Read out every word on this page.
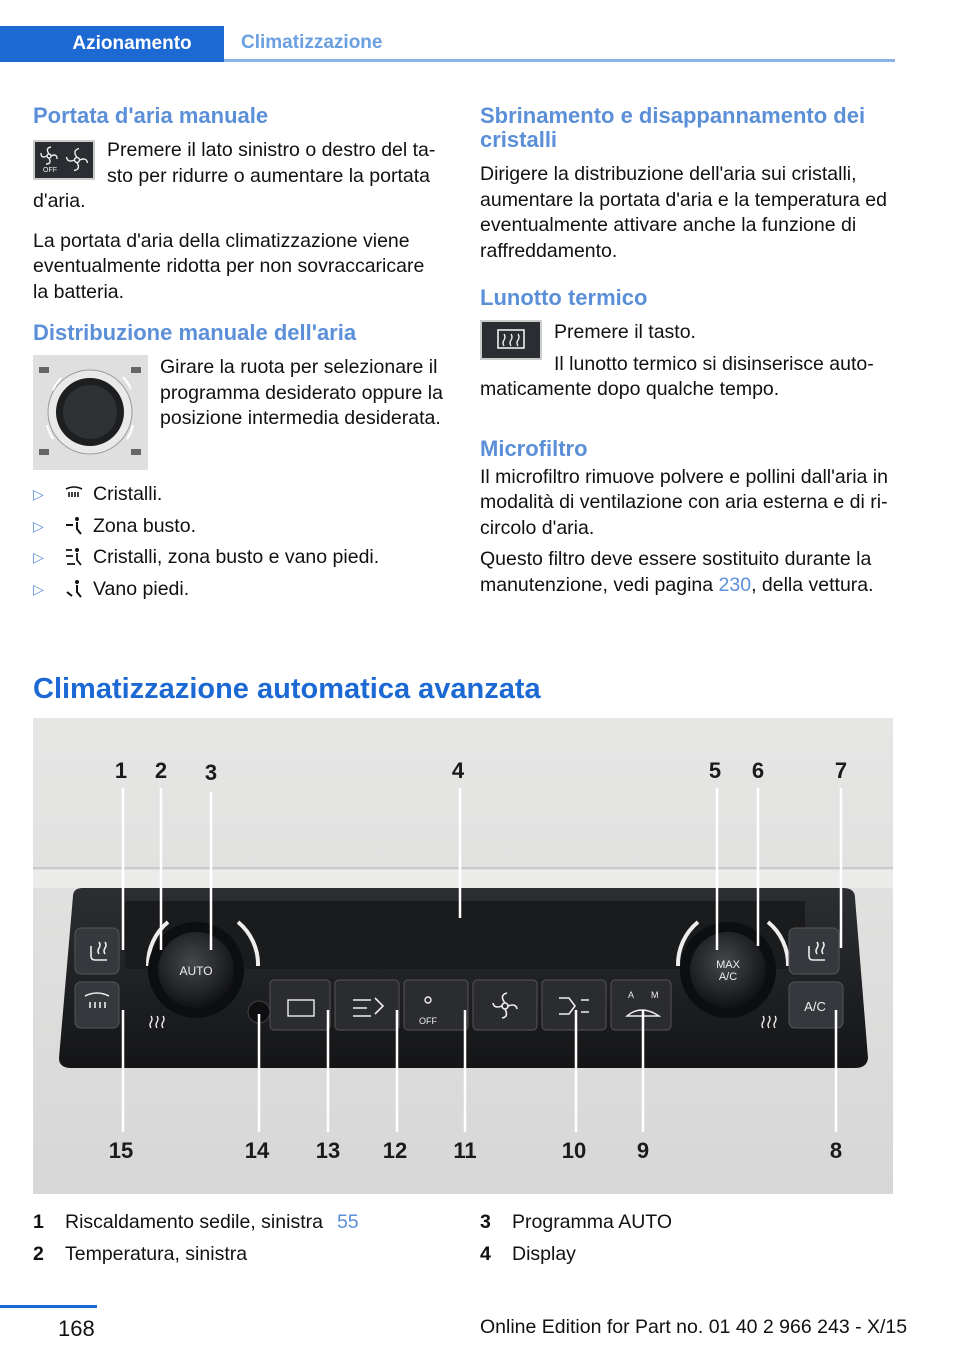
Azionamento	Climatizzazione
Portata d'aria manuale
OFF

Premere il lato sinistro o destro del tasto per ridurre o aumentare la portata d'aria.

La portata d'aria della climatizzazione viene eventualmente ridotta per non sovraccaricare la batteria.

Distribuzione manuale dell'aria

Girare la ruota per selezionare il programma desiderato oppure la posizione intermedia desiderata.

▷	Cristalli.
▷	Zona busto.
▷	Cristalli, zona busto e vano piedi.
▷	Vano piedi.
Sbrinamento e disappannamento dei cristalli

Dirigere la distribuzione dell'aria sui cristalli, aumentare la portata d'aria e la temperatura ed eventualmente attivare anche la funzione di raffreddamento.

Lunotto termico

Premere il tasto.

Il lunotto termico si disinserisce automaticamente dopo qualche tempo.

Microfiltro

Il microfiltro rimuove polvere e pollini dall'aria in modalità di ventilazione con aria esterna e di ricircolo d'aria.

Questo filtro deve essere sostituito durante la manutenzione, vedi pagina 230, della vettura.

Climatizzazione automatica avanzata
AUTO
OFF
A M
MAX A/C
A/C
1 2 3	4	5 6	7
15	14 13 12 11	10 9	8
1	Riscaldamento sedile, sinistra 55
2	Temperatura, sinistra
3	Programma AUTO
4	Display
168	Online Edition for Part no. 01 40 2 966 243 - X/15
